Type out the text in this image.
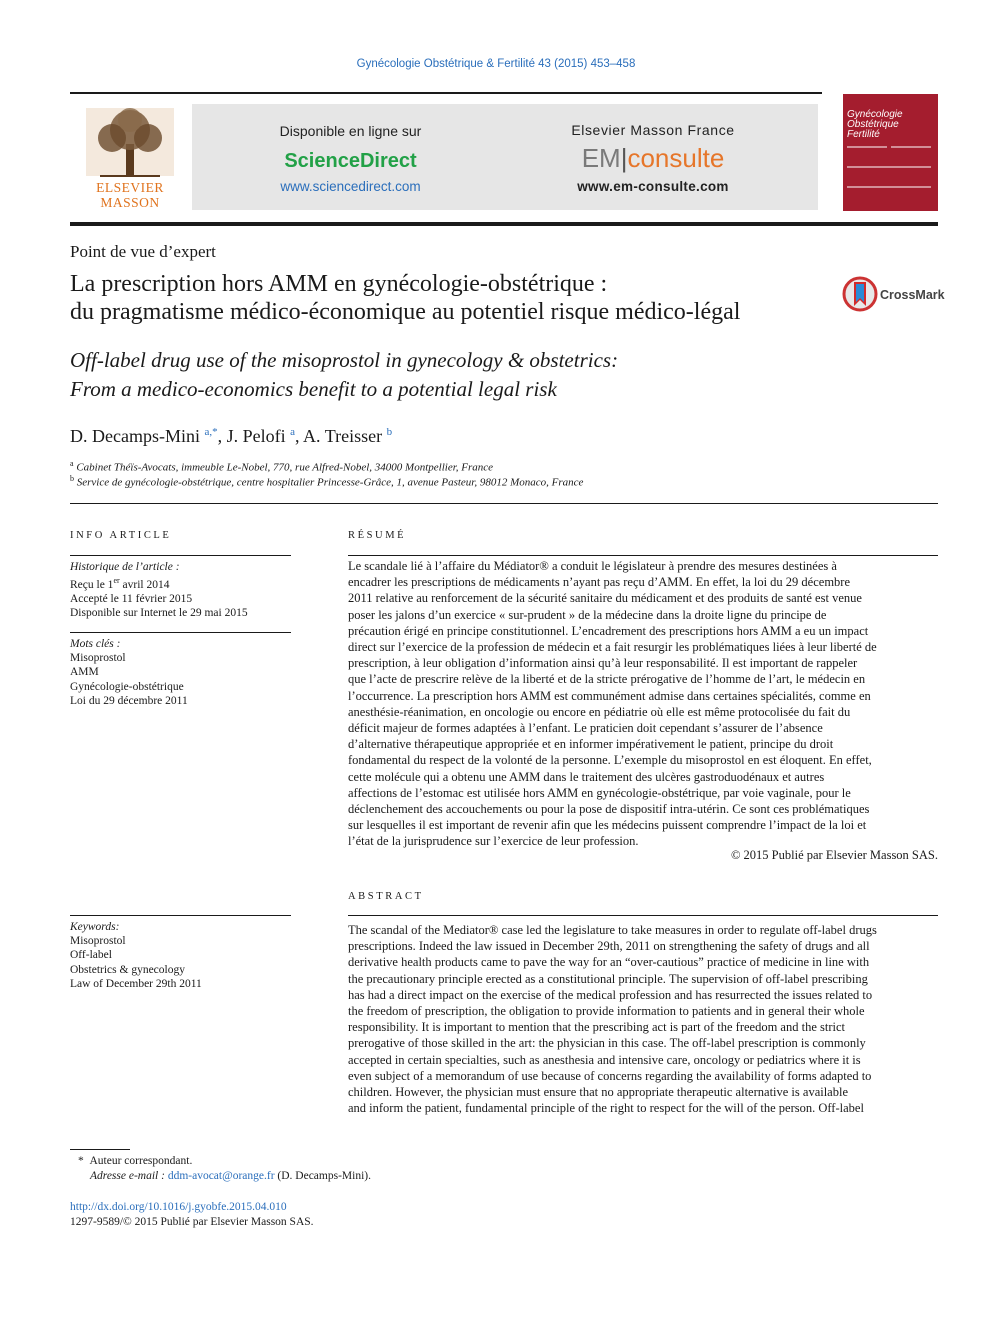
Gynécologie Obstétrique & Fertilité 43 (2015) 453–458
ELSEVIER
MASSON
Disponible en ligne sur
ScienceDirect
www.sciencedirect.com
Elsevier Masson France
EM|consulte
www.em-consulte.com
Gynécologie
Obstétrique
Fertilité
Point de vue d’expert
La prescription hors AMM en gynécologie-obstétrique :
du pragmatisme médico-économique au potentiel risque médico-légal
CrossMark
Off-label drug use of the misoprostol in gynecology & obstetrics:
From a medico-economics benefit to a potential legal risk
D. Decamps-Mini $^{a,*}$, J. Pelofi $^a$, A. Treisser $^b$
$^a$ Cabinet Théïs-Avocats, immeuble Le-Nobel, 770, rue Alfred-Nobel, 34000 Montpellier, France
$^b$ Service de gynécologie-obstétrique, centre hospitalier Princesse-Grâce, 1, avenue Pasteur, 98012 Monaco, France
INFO ARTICLE
Historique de l’article :
Reçu le 1er avril 2014
Accepté le 11 février 2015
Disponible sur Internet le 29 mai 2015
Mots clés :
Misoprostol
AMM
Gynécologie-obstétrique
Loi du 29 décembre 2011
Keywords:
Misoprostol
Off-label
Obstetrics & gynecology
Law of December 29th 2011
RÉSUMÉ
Le scandale lié à l’affaire du Médiator® a conduit le législateur à prendre des mesures destinées à
encadrer les prescriptions de médicaments n’ayant pas reçu d’AMM. En effet, la loi du 29 décembre
2011 relative au renforcement de la sécurité sanitaire du médicament et des produits de santé est venue
poser les jalons d’un exercice « sur-prudent » de la médecine dans la droite ligne du principe de
précaution érigé en principe constitutionnel. L’encadrement des prescriptions hors AMM a eu un impact
direct sur l’exercice de la profession de médecin et a fait resurgir les problématiques liées à leur liberté de
prescription, à leur obligation d’information ainsi qu’à leur responsabilité. Il est important de rappeler
que l’acte de prescrire relève de la liberté et de la stricte prérogative de l’homme de l’art, le médecin en
l’occurrence. La prescription hors AMM est communément admise dans certaines spécialités, comme en
anesthésie-réanimation, en oncologie ou encore en pédiatrie où elle est même protocolisée du fait du
déficit majeur de formes adaptées à l’enfant. Le praticien doit cependant s’assurer de l’absence
d’alternative thérapeutique appropriée et en informer impérativement le patient, principe du droit
fondamental du respect de la volonté de la personne. L’exemple du misoprostol en est éloquent. En effet,
cette molécule qui a obtenu une AMM dans le traitement des ulcères gastroduodénaux et autres
affections de l’estomac est utilisée hors AMM en gynécologie-obstétrique, par voie vaginale, pour le
déclenchement des accouchements ou pour la pose de dispositif intra-utérin. Ce sont ces problématiques
sur lesquelles il est important de revenir afin que les médecins puissent comprendre l’impact de la loi et
l’état de la jurisprudence sur l’exercice de leur profession.
© 2015 Publié par Elsevier Masson SAS.
ABSTRACT
The scandal of the Mediator® case led the legislature to take measures in order to regulate off-label drugs
prescriptions. Indeed the law issued in December 29th, 2011 on strengthening the safety of drugs and all
derivative health products came to pave the way for an “over-cautious” practice of medicine in line with
the precautionary principle erected as a constitutional principle. The supervision of off-label prescribing
has had a direct impact on the exercise of the medical profession and has resurrected the issues related to
the freedom of prescription, the obligation to provide information to patients and in general their whole
responsibility. It is important to mention that the prescribing act is part of the freedom and the strict
prerogative of those skilled in the art: the physician in this case. The off-label prescription is commonly
accepted in certain specialties, such as anesthesia and intensive care, oncology or pediatrics where it is
even subject of a memorandum of use because of concerns regarding the availability of forms adapted to
children. However, the physician must ensure that no appropriate therapeutic alternative is available
and inform the patient, fundamental principle of the right to respect for the will of the person. Off-label
*  Auteur correspondant.
Adresse e-mail : ddm-avocat@orange.fr (D. Decamps-Mini).
http://dx.doi.org/10.1016/j.gyobfe.2015.04.010
1297-9589/© 2015 Publié par Elsevier Masson SAS.
